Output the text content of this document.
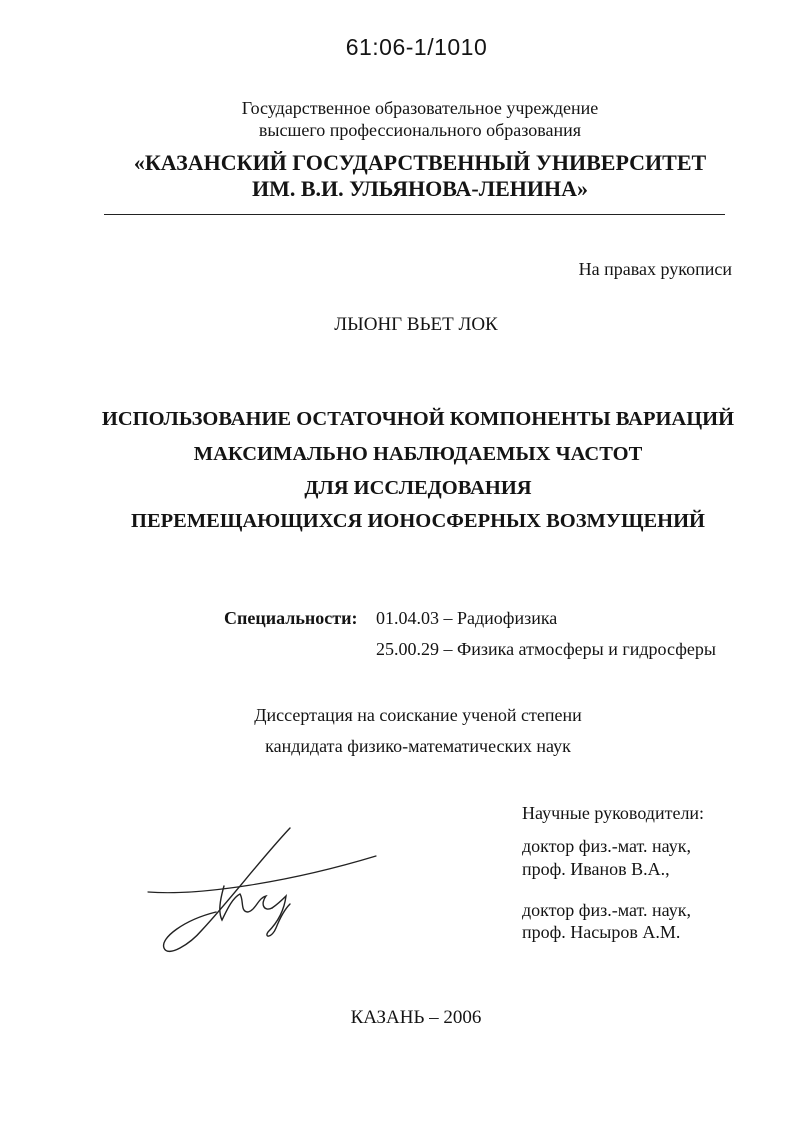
61:06-1/1010
Государственное образовательное учреждение
высшего профессионального образования
«КАЗАНСКИЙ ГОСУДАРСТВЕННЫЙ УНИВЕРСИТЕТ
ИМ. В.И. УЛЬЯНОВА-ЛЕНИНА»
На правах рукописи
ЛЫОНГ ВЬЕТ ЛОК
ИСПОЛЬЗОВАНИЕ ОСТАТОЧНОЙ КОМПОНЕНТЫ ВАРИАЦИЙ
МАКСИМАЛЬНО НАБЛЮДАЕМЫХ ЧАСТОТ
ДЛЯ ИССЛЕДОВАНИЯ
ПЕРЕМЕЩАЮЩИХСЯ ИОНОСФЕРНЫХ ВОЗМУЩЕНИЙ
Специальности: 01.04.03 – Радиофизика
25.00.29 – Физика атмосферы и гидросферы
Диссертация на соискание ученой степени
кандидата физико-математических наук
Научные руководители:
доктор физ.-мат. наук,
проф. Иванов В.А.,
доктор физ.-мат. наук,
проф. Насыров А.М.
КАЗАНЬ – 2006
